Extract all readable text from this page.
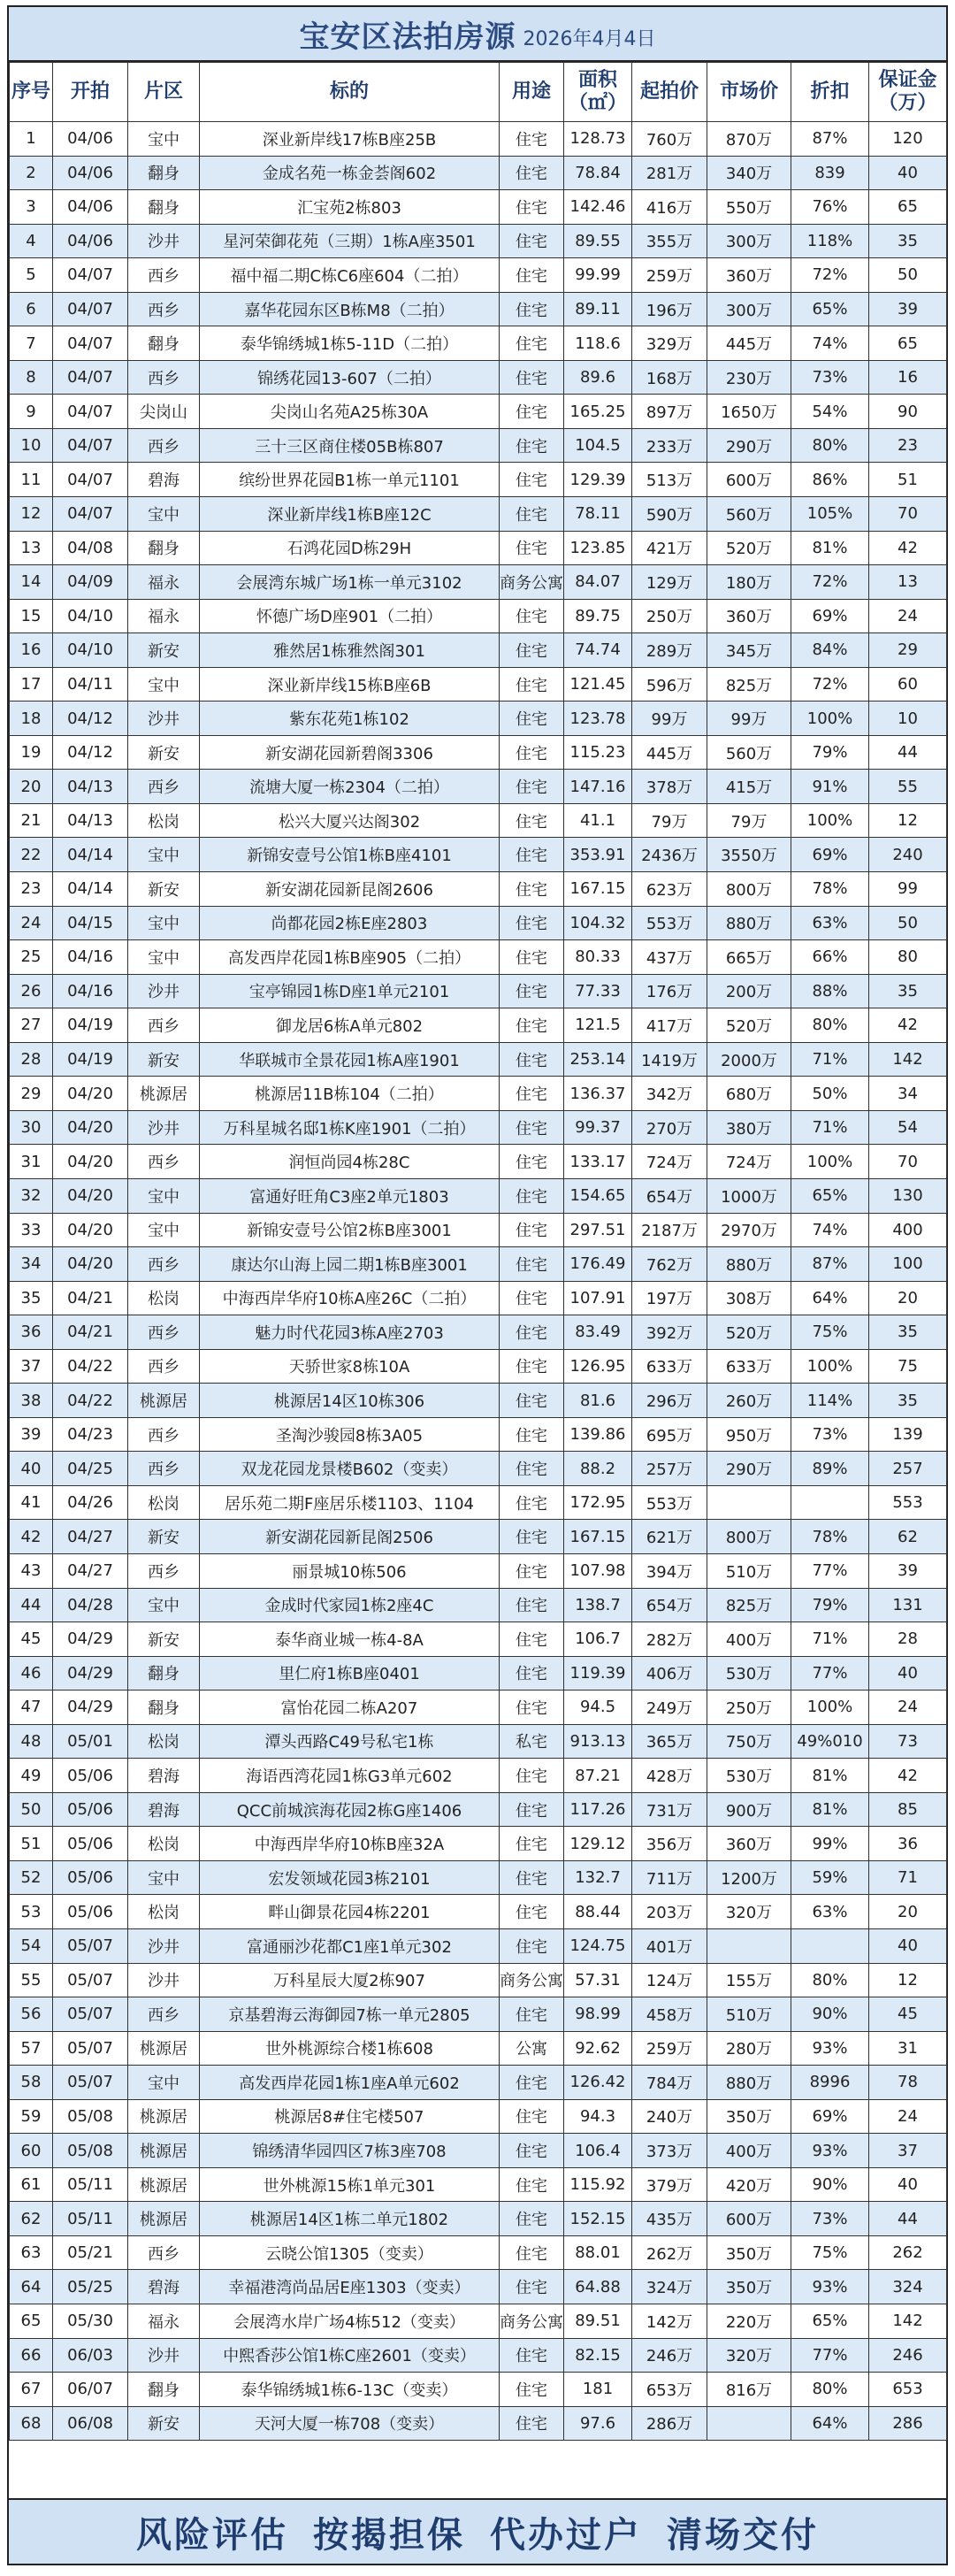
宝安区法拍房源 2026年4月4日
序号	开拍	片区	标的	用途	面积（㎡）	起拍价	市场价	折扣	保证金（万）
1	04/06	宝中	深业新岸线17栋B座25B	住宅	128.73	760万	870万	87%	120
2	04/06	翻身	金成名苑一栋金荟阁602	住宅	78.84	281万	340万	839	40
3	04/06	翻身	汇宝苑2栋803	住宅	142.46	416万	550万	76%	65
4	04/06	沙井	星河荣御花苑（三期）1栋A座3501	住宅	89.55	355万	300万	118%	35
5	04/07	西乡	福中福二期C栋C6座604（二拍）	住宅	99.99	259万	360万	72%	50
6	04/07	西乡	嘉华花园东区B栋M8（二拍）	住宅	89.11	196万	300万	65%	39
7	04/07	翻身	泰华锦绣城1栋5-11D（二拍）	住宅	118.6	329万	445万	74%	65
8	04/07	西乡	锦绣花园13-607（二拍）	住宅	89.6	168万	230万	73%	16
9	04/07	尖岗山	尖岗山名苑A25栋30A	住宅	165.25	897万	1650万	54%	90
10	04/07	西乡	三十三区商住楼05B栋807	住宅	104.5	233万	290万	80%	23
11	04/07	碧海	缤纷世界花园B1栋一单元1101	住宅	129.39	513万	600万	86%	51
12	04/07	宝中	深业新岸线1栋B座12C	住宅	78.11	590万	560万	105%	70
13	04/08	翻身	石鸿花园D栋29H	住宅	123.85	421万	520万	81%	42
14	04/09	福永	会展湾东城广场1栋一单元3102	商务公寓	84.07	129万	180万	72%	13
15	04/10	福永	怀德广场D座901（二拍）	住宅	89.75	250万	360万	69%	24
16	04/10	新安	雅然居1栋雅然阁301	住宅	74.74	289万	345万	84%	29
17	04/11	宝中	深业新岸线15栋B座6B	住宅	121.45	596万	825万	72%	60
18	04/12	沙井	紫东花苑1栋102	住宅	123.78	99万	99万	100%	10
19	04/12	新安	新安湖花园新碧阁3306	住宅	115.23	445万	560万	79%	44
20	04/13	西乡	流塘大厦一栋2304（二拍）	住宅	147.16	378万	415万	91%	55
21	04/13	松岗	松兴大厦兴达阁302	住宅	41.1	79万	79万	100%	12
22	04/14	宝中	新锦安壹号公馆1栋B座4101	住宅	353.91	2436万	3550万	69%	240
23	04/14	新安	新安湖花园新昆阁2606	住宅	167.15	623万	800万	78%	99
24	04/15	宝中	尚都花园2栋E座2803	住宅	104.32	553万	880万	63%	50
25	04/16	宝中	高发西岸花园1栋B座905（二拍）	住宅	80.33	437万	665万	66%	80
26	04/16	沙井	宝亭锦园1栋D座1单元2101	住宅	77.33	176万	200万	88%	35
27	04/19	西乡	御龙居6栋A单元802	住宅	121.5	417万	520万	80%	42
28	04/19	新安	华联城市全景花园1栋A座1901	住宅	253.14	1419万	2000万	71%	142
29	04/20	桃源居	桃源居11B栋104（二拍）	住宅	136.37	342万	680万	50%	34
30	04/20	沙井	万科星城名邸1栋K座1901（二拍）	住宅	99.37	270万	380万	71%	54
31	04/20	西乡	润恒尚园4栋28C	住宅	133.17	724万	724万	100%	70
32	04/20	宝中	富通好旺角C3座2单元1803	住宅	154.65	654万	1000万	65%	130
33	04/20	宝中	新锦安壹号公馆2栋B座3001	住宅	297.51	2187万	2970万	74%	400
34	04/20	西乡	康达尔山海上园二期1栋B座3001	住宅	176.49	762万	880万	87%	100
35	04/21	松岗	中海西岸华府10栋A座26C（二拍）	住宅	107.91	197万	308万	64%	20
36	04/21	西乡	魅力时代花园3栋A座2703	住宅	83.49	392万	520万	75%	35
37	04/22	西乡	天骄世家8栋10A	住宅	126.95	633万	633万	100%	75
38	04/22	桃源居	桃源居14区10栋306	住宅	81.6	296万	260万	114%	35
39	04/23	西乡	圣淘沙骏园8栋3A05	住宅	139.86	695万	950万	73%	139
40	04/25	西乡	双龙花园龙景楼B602（变卖）	住宅	88.2	257万	290万	89%	257
41	04/26	松岗	居乐苑二期F座居乐楼1103、1104	住宅	172.95	553万			553
42	04/27	新安	新安湖花园新昆阁2506	住宅	167.15	621万	800万	78%	62
43	04/27	西乡	丽景城10栋506	住宅	107.98	394万	510万	77%	39
44	04/28	宝中	金成时代家园1栋2座4C	住宅	138.7	654万	825万	79%	131
45	04/29	新安	泰华商业城一栋4-8A	住宅	106.7	282万	400万	71%	28
46	04/29	翻身	里仁府1栋B座0401	住宅	119.39	406万	530万	77%	40
47	04/29	翻身	富怡花园二栋A207	住宅	94.5	249万	250万	100%	24
48	05/01	松岗	潭头西路C49号私宅1栋	私宅	913.13	365万	750万	49%010	73
49	05/06	碧海	海语西湾花园1栋G3单元602	住宅	87.21	428万	530万	81%	42
50	05/06	碧海	QCC前城滨海花园2栋G座1406	住宅	117.26	731万	900万	81%	85
51	05/06	松岗	中海西岸华府10栋B座32A	住宅	129.12	356万	360万	99%	36
52	05/06	宝中	宏发领域花园3栋2101	住宅	132.7	711万	1200万	59%	71
53	05/06	松岗	畔山御景花园4栋2201	住宅	88.44	203万	320万	63%	20
54	05/07	沙井	富通丽沙花都C1座1单元302	住宅	124.75	401万			40
55	05/07	沙井	万科星辰大厦2栋907	商务公寓	57.31	124万	155万	80%	12
56	05/07	西乡	京基碧海云海御园7栋一单元2805	住宅	98.99	458万	510万	90%	45
57	05/07	桃源居	世外桃源综合楼1栋608	公寓	92.62	259万	280万	93%	31
58	05/07	宝中	高发西岸花园1栋1座A单元602	住宅	126.42	784万	880万	8996	78
59	05/08	桃源居	桃源居8#住宅楼507	住宅	94.3	240万	350万	69%	24
60	05/08	桃源居	锦绣清华园四区7栋3座708	住宅	106.4	373万	400万	93%	37
61	05/11	桃源居	世外桃源15栋1单元301	住宅	115.92	379万	420万	90%	40
62	05/11	桃源居	桃源居14区1栋二单元1802	住宅	152.15	435万	600万	73%	44
63	05/21	西乡	云晓公馆1305（变卖）	住宅	88.01	262万	350万	75%	262
64	05/25	碧海	幸福港湾尚品居E座1303（变卖）	住宅	64.88	324万	350万	93%	324
65	05/30	福永	会展湾水岸广场4栋512（变卖）	商务公寓	89.51	142万	220万	65%	142
66	06/03	沙井	中熙香莎公馆1栋C座2601（变卖）	住宅	82.15	246万	320万	77%	246
67	06/07	翻身	泰华锦绣城1栋6-13C（变卖）	住宅	181	653万	816万	80%	653
68	06/08	新安	天河大厦一栋708（变卖）	住宅	97.6	286万		64%	286
风险评估 按揭担保 代办过户 清场交付
